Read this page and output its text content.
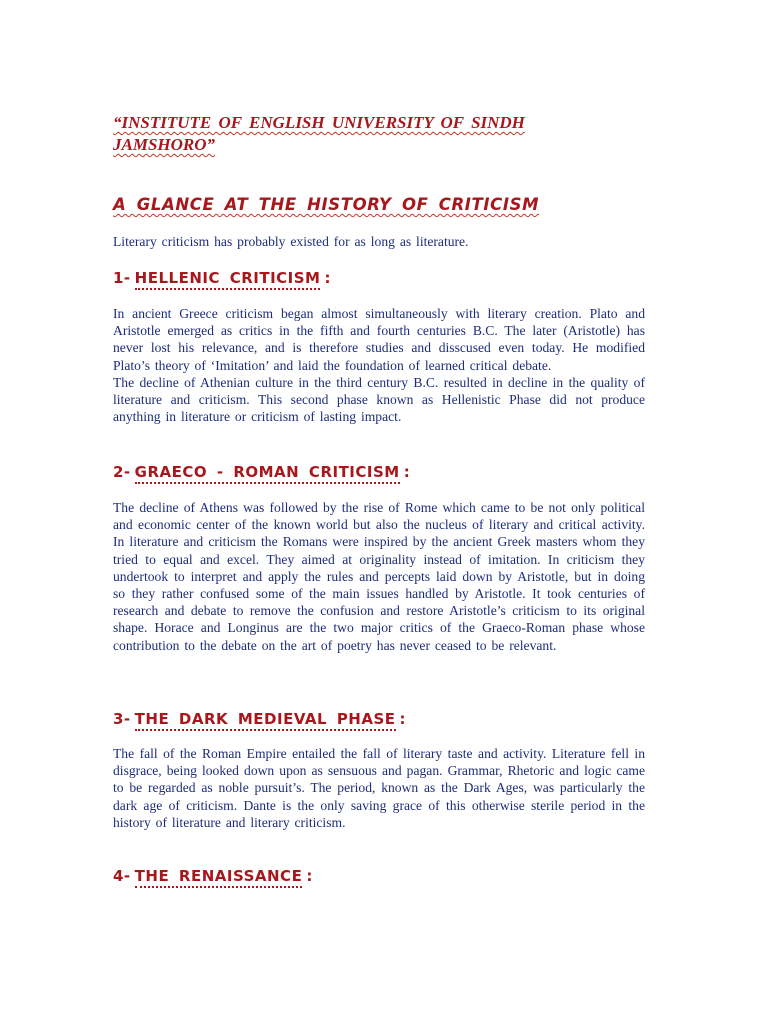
“INSTITUTE OF ENGLISH UNIVERSITY OF SINDH JAMSHORO”
A GLANCE AT THE HISTORY OF CRITICISM
Literary criticism has probably existed for as long as literature.
1- HELLENIC CRITICISM :

In ancient Greece criticism began almost simultaneously with literary creation. Plato and Aristotle emerged as critics in the fifth and fourth centuries B.C. The later (Aristotle) has never lost his relevance, and is therefore studies and disscused even today. He modified Plato’s theory of ‘Imitation’ and laid the foundation of learned critical debate.

The decline of Athenian culture in the third century B.C. resulted in decline in the quality of literature and criticism. This second phase known as Hellenistic Phase did not produce anything in literature or criticism of lasting impact.

2- GRAECO - ROMAN CRITICISM :

The decline of Athens was followed by the rise of Rome which came to be not only political and economic center of the known world but also the nucleus of literary and critical activity. In literature and criticism the Romans were inspired by the ancient Greek masters whom they tried to equal and excel. They aimed at originality instead of imitation. In criticism they undertook to interpret and apply the rules and percepts laid down by Aristotle, but in doing so they rather confused some of the main issues handled by Aristotle. It took centuries of research and debate to remove the confusion and restore Aristotle’s criticism to its original shape. Horace and Longinus are the two major critics of the Graeco-Roman phase whose contribution to the debate on the art of poetry has never ceased to be relevant.

3- THE DARK MEDIEVAL PHASE :

The fall of the Roman Empire entailed the fall of literary taste and activity. Literature fell in disgrace, being looked down upon as sensuous and pagan. Grammar, Rhetoric and logic came to be regarded as noble pursuit’s. The period, known as the Dark Ages, was particularly the dark age of criticism. Dante is the only saving grace of this otherwise sterile period in the history of literature and literary criticism.

4- THE RENAISSANCE :
